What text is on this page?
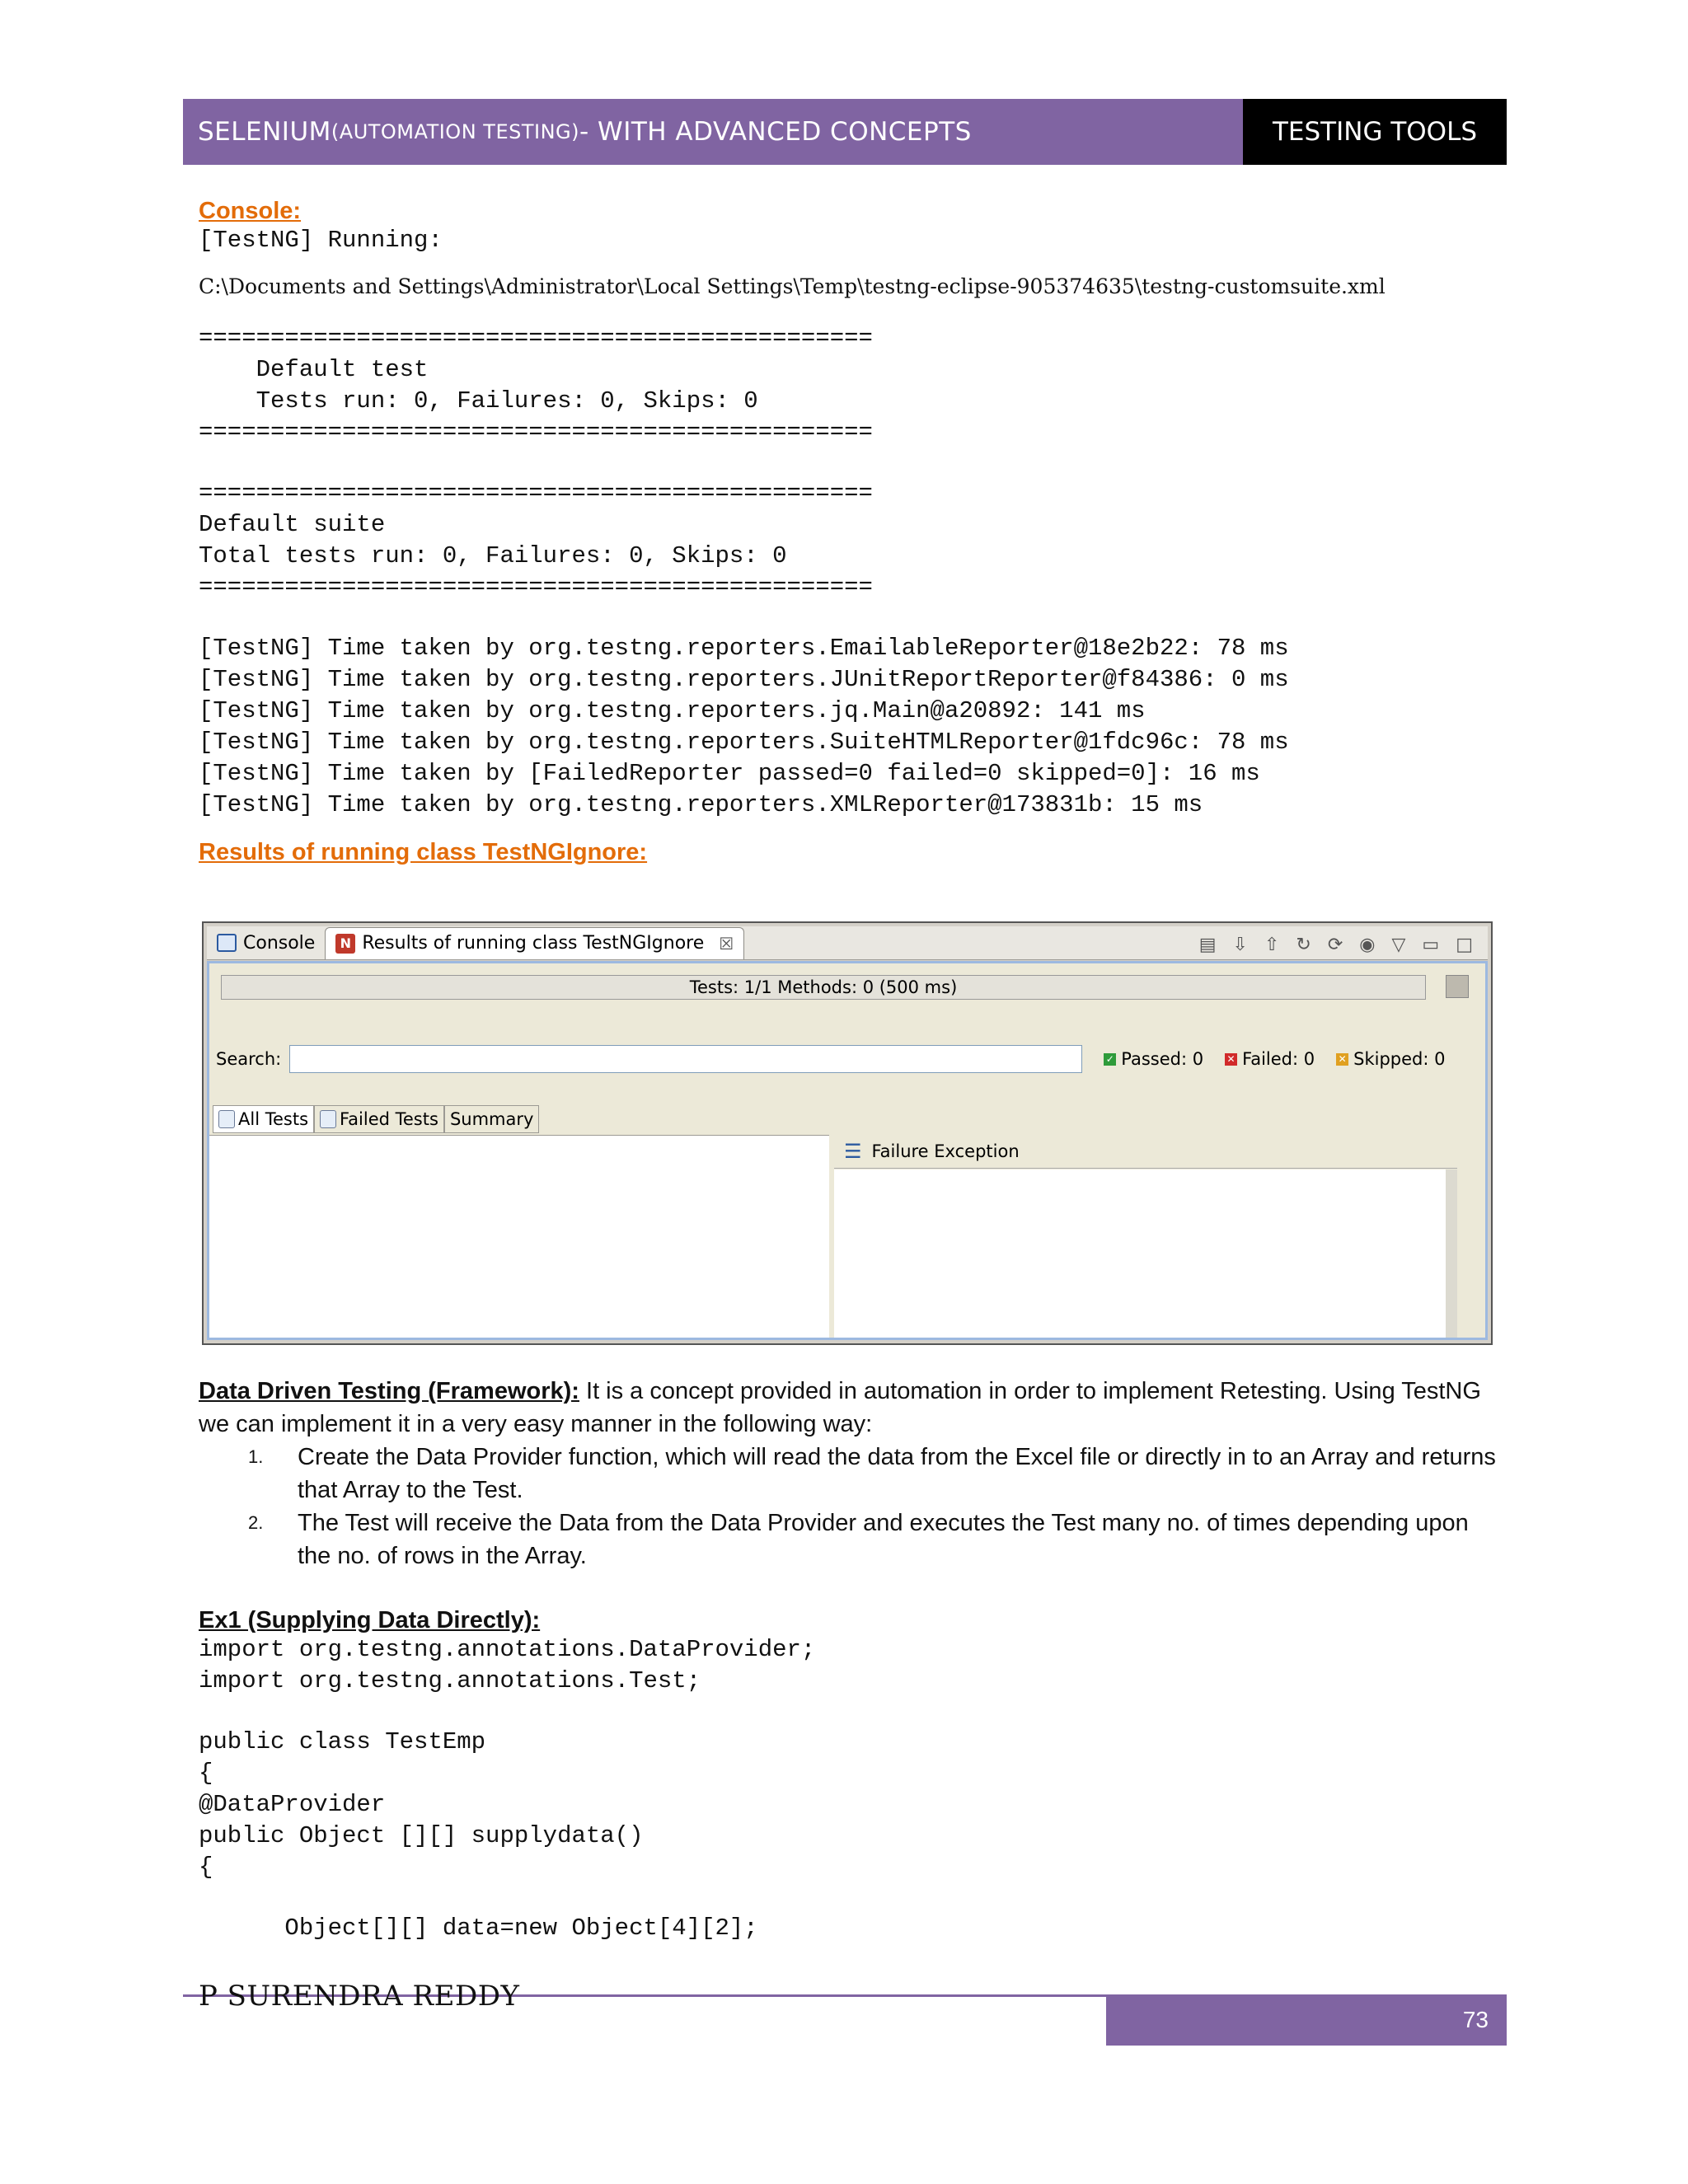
SELENIUM (AUTOMATION TESTING) - WITH ADVANCED CONCEPTS	TESTING TOOLS
Console:
[TestNG] Running:
C:\Documents and Settings\Administrator\Local Settings\Temp\testng-eclipse-905374635\testng-customsuite.xml
===============================================
Default test
Tests run: 0, Failures: 0, Skips: 0
===============================================
===============================================
Default suite
Total tests run: 0, Failures: 0, Skips: 0
===============================================
[TestNG] Time taken by org.testng.reporters.EmailableReporter@18e2b22: 78 ms
[TestNG] Time taken by org.testng.reporters.JUnitReportReporter@f84386: 0 ms
[TestNG] Time taken by org.testng.reporters.jq.Main@a20892: 141 ms
[TestNG] Time taken by org.testng.reporters.SuiteHTMLReporter@1fdc96c: 78 ms
[TestNG] Time taken by [FailedReporter passed=0 failed=0 skipped=0]: 16 ms
[TestNG] Time taken by org.testng.reporters.XMLReporter@173831b: 15 ms
Results of running class TestNGIgnore:
Console	N Results of running class TestNGIgnore ☒	▤ ⇩ ⇧ ↻ ⟳ ◉ ▽ ▭ □
Tests: 1/1 Methods: 0 (500 ms)
Search:	✓ Passed: 0 ✕ Failed: 0 ✕ Skipped: 0
All Tests Failed Tests Summary
☰ Failure Exception
Data Driven Testing (Framework): It is a concept provided in automation in order to implement Retesting. Using TestNG we can implement it in a very easy manner in the following way:
1. Create the Data Provider function, which will read the data from the Excel file or directly in to an Array and returns that Array to the Test.
2. The Test will receive the Data from the Data Provider and executes the Test many no. of times depending upon the no. of rows in the Array.
Ex1 (Supplying Data Directly):
import org.testng.annotations.DataProvider;
import org.testng.annotations.Test;
public class TestEmp
{
@DataProvider
public Object [][] supplydata()
{
Object[][] data=new Object[4][2];
P SURENDRA REDDY
73
